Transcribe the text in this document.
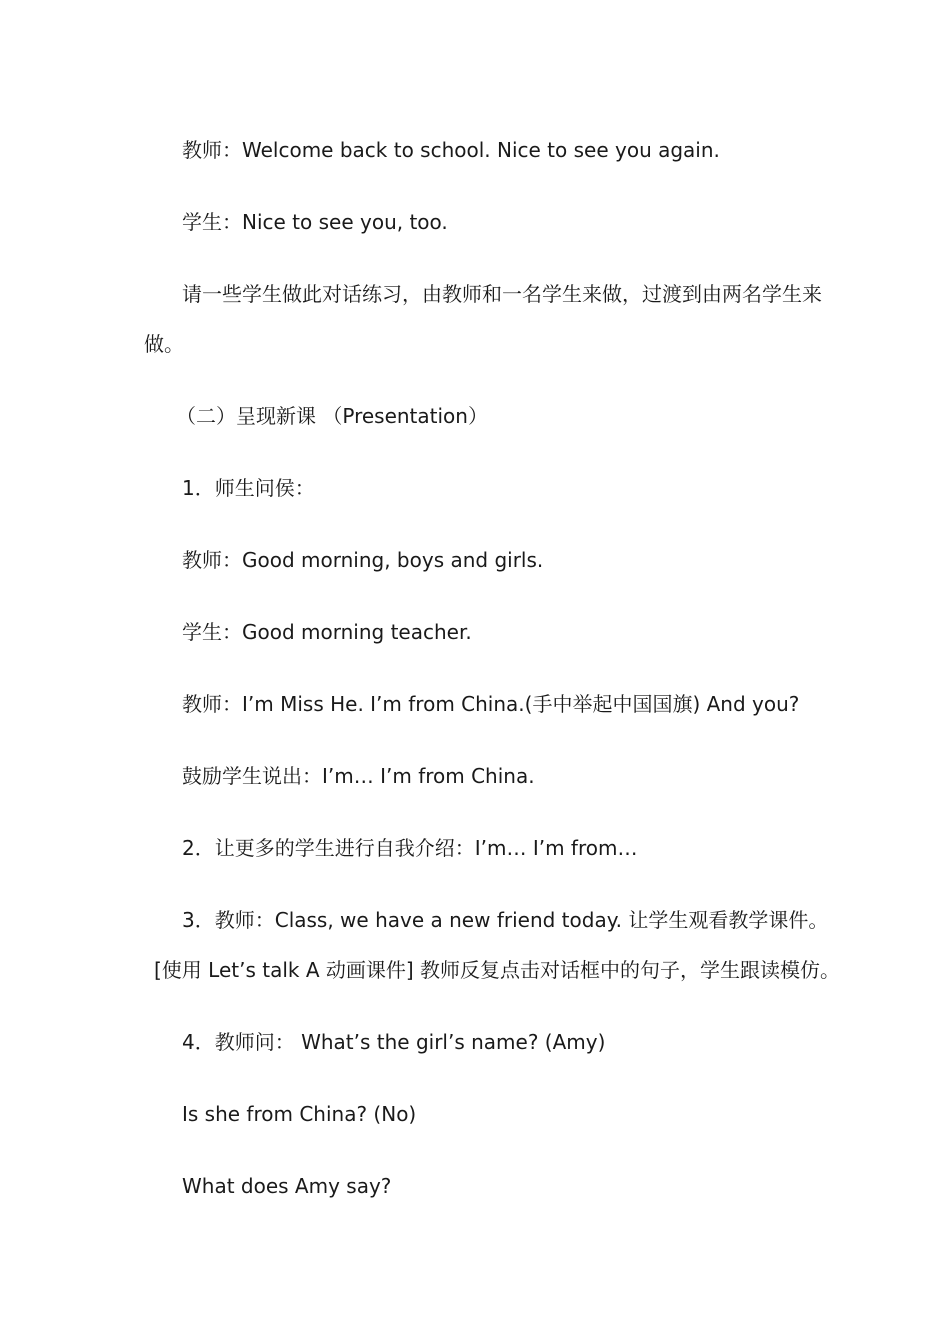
教师：Welcome back to school. Nice to see you again.
学生：Nice to see you, too.
请一些学生做此对话练习，由教师和一名学生来做，过渡到由两名学生来
做。
（二）呈现新课 （Presentation）
1．师生问侯：
教师：Good morning, boys and girls.
学生：Good morning teacher.
教师：I’m Miss He. I’m from China.(手中举起中国国旗) And you?
鼓励学生说出：I’m… I’m from China.
2．让更多的学生进行自我介绍：I’m… I’m from…
3．教师：Class, we have a new friend today. 让学生观看教学课件。
[使用 Let’s talk A 动画课件] 教师反复点击对话框中的句子，学生跟读模仿。
4．教师问： What’s the girl’s name? (Amy)
Is she from China? (No)
What does Amy say?
